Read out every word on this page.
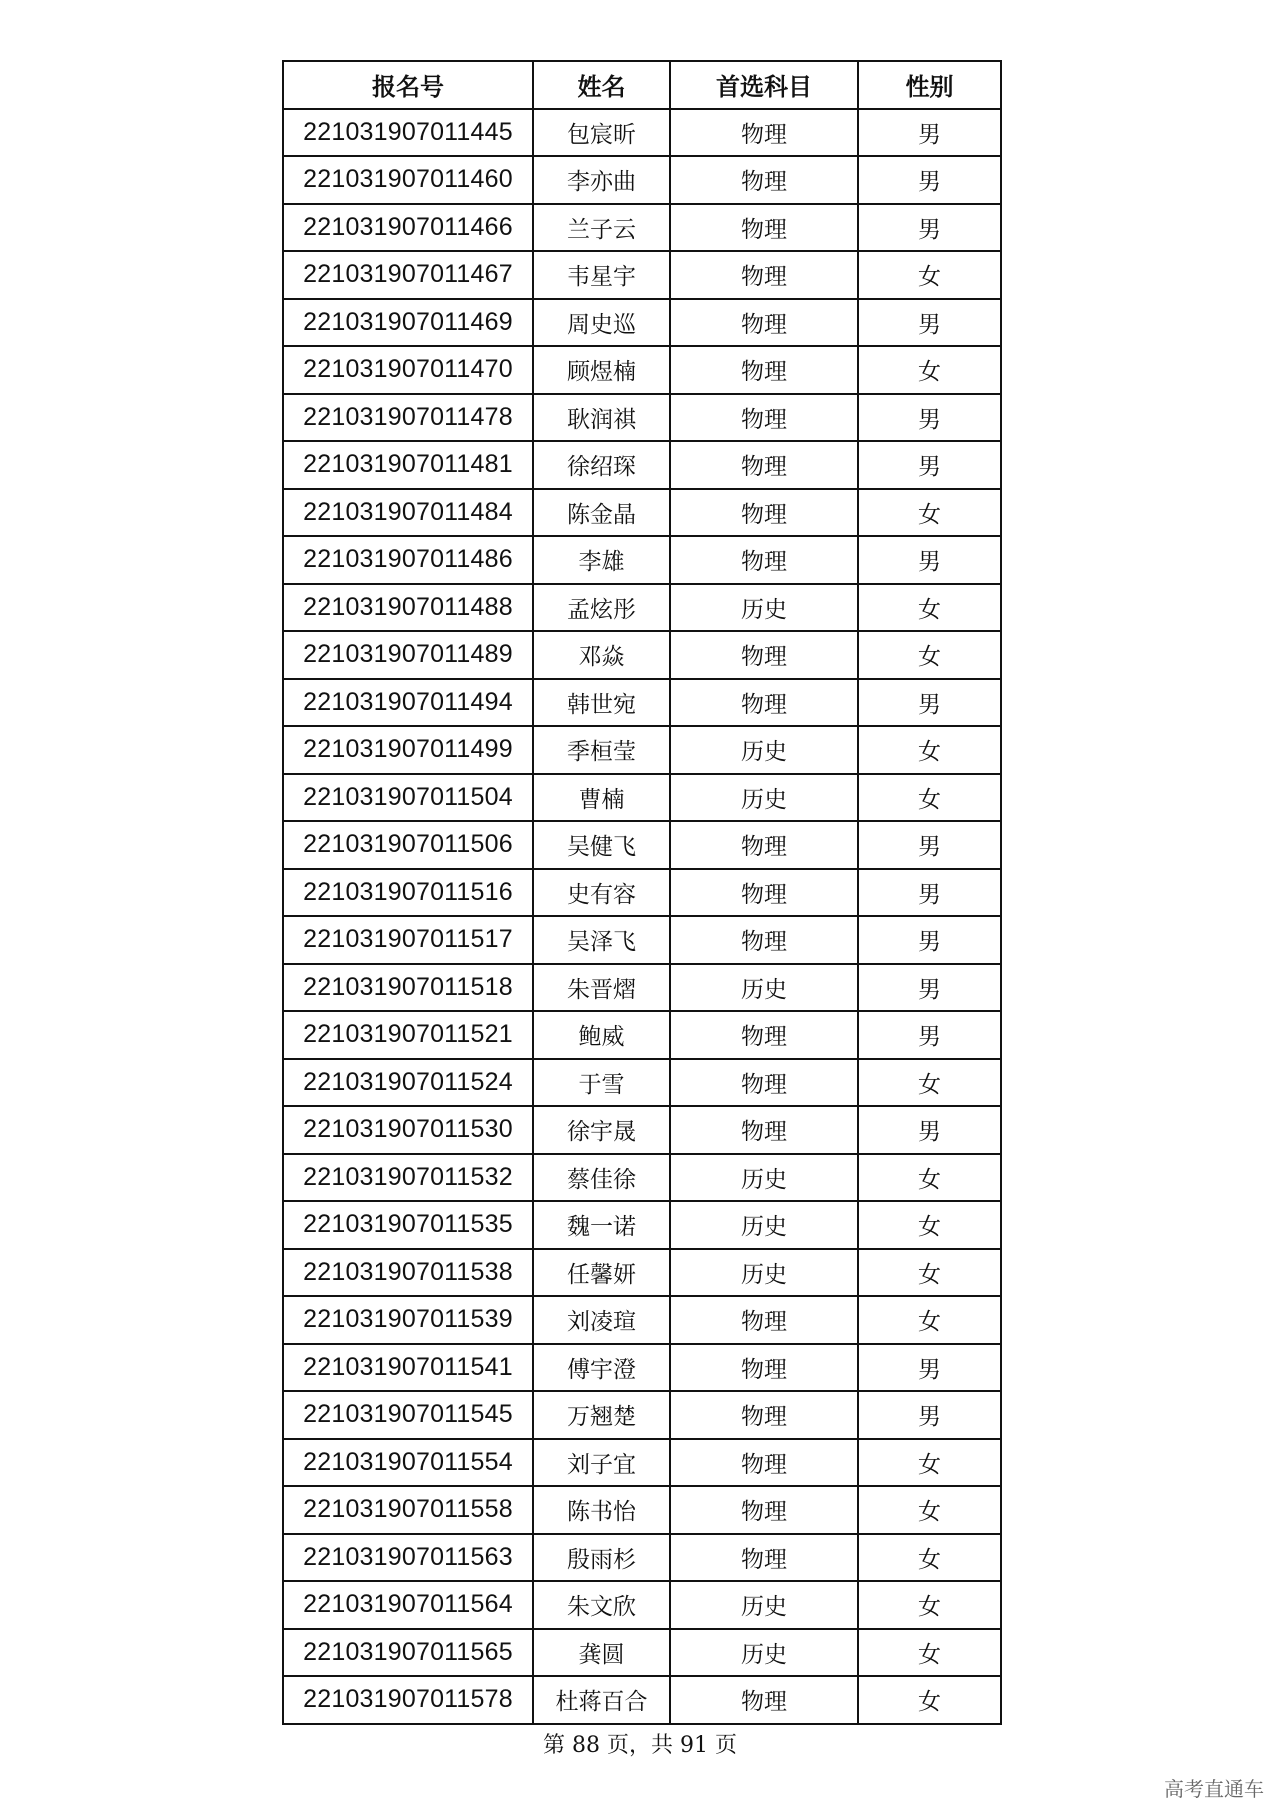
报名号	姓名	首选科目	性别
221031907011445	包宸昕	物理	男
221031907011460	李亦曲	物理	男
221031907011466	兰子云	物理	男
221031907011467	韦星宇	物理	女
221031907011469	周史巡	物理	男
221031907011470	顾煜楠	物理	女
221031907011478	耿润祺	物理	男
221031907011481	徐绍琛	物理	男
221031907011484	陈金晶	物理	女
221031907011486	李雄	物理	男
221031907011488	孟炫彤	历史	女
221031907011489	邓焱	物理	女
221031907011494	韩世宛	物理	男
221031907011499	季桓莹	历史	女
221031907011504	曹楠	历史	女
221031907011506	吴健飞	物理	男
221031907011516	史有容	物理	男
221031907011517	吴泽飞	物理	男
221031907011518	朱晋熠	历史	男
221031907011521	鲍威	物理	男
221031907011524	于雪	物理	女
221031907011530	徐宇晟	物理	男
221031907011532	蔡佳徐	历史	女
221031907011535	魏一诺	历史	女
221031907011538	任馨妍	历史	女
221031907011539	刘凌瑄	物理	女
221031907011541	傅宇澄	物理	男
221031907011545	万翘楚	物理	男
221031907011554	刘子宜	物理	女
221031907011558	陈书怡	物理	女
221031907011563	殷雨杉	物理	女
221031907011564	朱文欣	历史	女
221031907011565	龚圆	历史	女
221031907011578	杜蒋百合	物理	女
第 88 页，共 91 页
高考直通车
